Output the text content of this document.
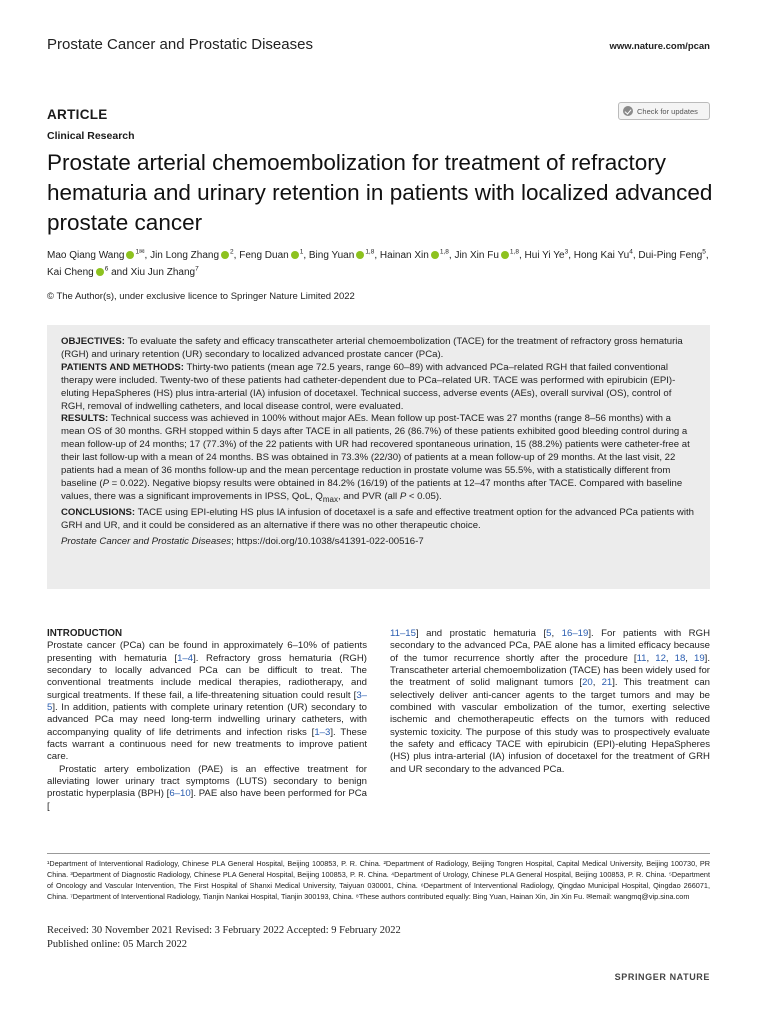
Prostate Cancer and Prostatic Diseases	www.nature.com/pcan
Check for updates
ARTICLE
Clinical Research
Prostate arterial chemoembolization for treatment of refractory hematuria and urinary retention in patients with localized advanced prostate cancer
Mao Qiang Wang $^{1✉}$, Jin Long Zhang $^2$, Feng Duan $^1$, Bing Yuan $^{1,8}$, Hainan Xin $^{1,8}$, Jin Xin Fu $^{1,8}$, Hui Yi Ye$^3$, Hong Kai Yu$^4$, Dui-Ping Feng$^5$, Kai Cheng $^6$ and Xiu Jun Zhang$^7$
© The Author(s), under exclusive licence to Springer Nature Limited 2022

OBJECTIVES: To evaluate the safety and efficacy transcatheter arterial chemoembolization (TACE) for the treatment of refractory gross hematuria (RGH) and urinary retention (UR) secondary to localized advanced prostate cancer (PCa).

PATIENTS AND METHODS: Thirty-two patients (mean age 72.5 years, range 60–89) with advanced PCa–related RGH that failed conventional therapy were included. Twenty-two of these patients had catheter-dependent due to PCa–related UR. TACE was performed with epirubicin (EPI)-eluting HepaSpheres (HS) plus intra-arterial (IA) infusion of docetaxel. Technical success, adverse events (AEs), overall survival (OS), control of RGH, removal of indwelling catheters, and local disease control, were evaluated.

RESULTS: Technical success was achieved in 100% without major AEs. Mean follow up post-TACE was 27 months (range 8–56 months) with a mean OS of 30 months. GRH stopped within 5 days after TACE in all patients, 26 (86.7%) of these patients exhibited good bleeding control during a mean follow-up of 24 months; 17 (77.3%) of the 22 patients with UR had recovered spontaneous urination, 15 (88.2%) patients were catheter-free at their last follow-up with a mean of 24 months. BS was obtained in 73.3% (22/30) of patients at a mean follow-up of 29 months. At the last visit, 22 patients had a mean of 36 months follow-up and the mean percentage reduction in prostate volume was 55.5%, with a statistically different from baseline (P = 0.022). Negative biopsy results were obtained in 84.2% (16/19) of the patients at 12–47 months after TACE. Compared with baseline values, there was a significant improvements in IPSS, QoL, $Q_{max}$, and PVR (all P < 0.05).

CONCLUSIONS: TACE using EPI-eluting HS plus IA infusion of docetaxel is a safe and effective treatment option for the advanced PCa patients with GRH and UR, and it could be considered as an alternative if there was no other therapeutic choice.

Prostate Cancer and Prostatic Diseases; https://doi.org/10.1038/s41391-022-00516-7

INTRODUCTION

Prostate cancer (PCa) can be found in approximately 6–10% of patients presenting with hematuria [1–4]. Refractory gross hematuria (RGH) secondary to locally advanced PCa can be difficult to treat. The conventional treatments include medical therapies, radiotherapy, and surgical treatments. If these fail, a life-threatening situation could result [3–5]. In addition, patients with complete urinary retention (UR) secondary to advanced PCa may need long-term indwelling urinary catheters, with accompanying quality of life detriments and infection risks [1–3]. These facts warrant a continuous need for new treatments to improve patient care.

Prostatic artery embolization (PAE) is an effective treatment for alleviating lower urinary tract symptoms (LUTS) secondary to benign prostatic hyperplasia (BPH) [6–10]. PAE also have been performed for PCa [

11–15] and prostatic hematuria [5, 16–19]. For patients with RGH secondary to the advanced PCa, PAE alone has a limited efficacy because of the tumor recurrence shortly after the procedure [11, 12, 18, 19]. Transcatheter arterial chemoembolization (TACE) has been widely used for the treatment of solid malignant tumors [20, 21]. This treatment can selectively deliver anti-cancer agents to the target tumors and may be combined with vascular embolization of the tumor, exerting selective ischemic and chemotherapeutic effects on the tumors with reduced systemic toxicity. The purpose of this study was to prospectively evaluate the safety and efficacy TACE with epirubicin (EPI)-eluting HepaSpheres (HS) plus intra-arterial (IA) infusion of docetaxel for the treatment of GRH and UR secondary to the advanced PCa.

¹Department of Interventional Radiology, Chinese PLA General Hospital, Beijing 100853, P. R. China. ²Department of Radiology, Beijing Tongren Hospital, Capital Medical University, Beijing 100730, PR China. ³Department of Diagnostic Radiology, Chinese PLA General Hospital, Beijing 100853, P. R. China. ⁴Department of Urology, Chinese PLA General Hospital, Beijing 100853, P. R. China. ⁵Department of Oncology and Vascular Intervention, The First Hospital of Shanxi Medical University, Taiyuan 030001, China. ⁶Department of Interventional Radiology, Qingdao Municipal Hospital, Qingdao 266071, China. ⁷Department of Interventional Radiology, Tianjin Nankai Hospital, Tianjin 300193, China. ⁸These authors contributed equally: Bing Yuan, Hainan Xin, Jin Xin Fu. ✉email: wangmq@vip.sina.com
Received: 30 November 2021 Revised: 3 February 2022 Accepted: 9 February 2022
Published online: 05 March 2022
SPRINGER NATURE
